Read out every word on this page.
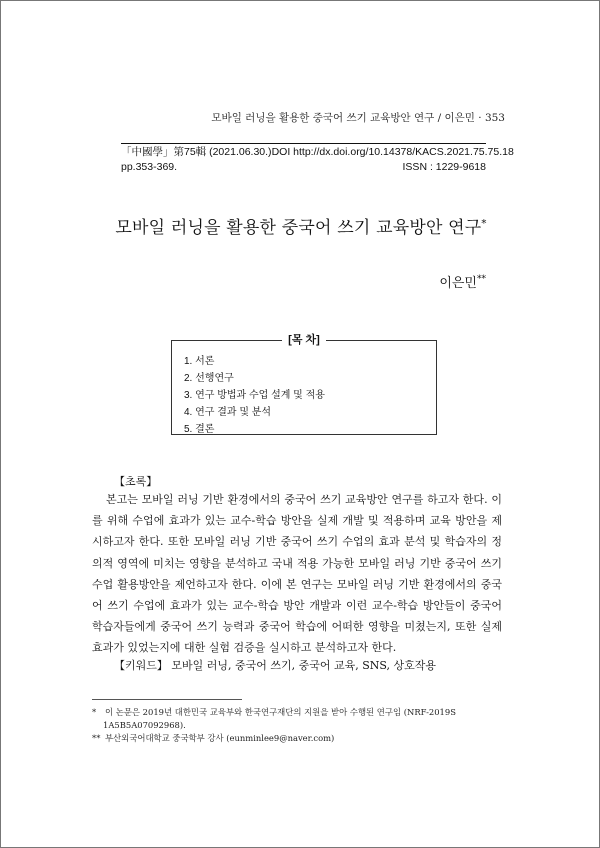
모바일 러닝을 활용한 중국어 쓰기 교육방안 연구 / 이은민 · 353
「中國學」第75輯 (2021.06.30.) DOI http://dx.doi.org/10.14378/KACS.2021.75.75.18
pp.353-369.	ISSN : 1229-9618
모바일 러닝을 활용한 중국어 쓰기 교육방안 연구*
이은민**
[목 차]
1. 서론
2. 선행연구
3. 연구 방법과 수업 설계 및 적용
4. 연구 결과 및 분석
5. 결론
【초록】

본고는 모바일 러닝 기반 환경에서의 중국어 쓰기 교육방안 연구를 하고자 한다. 이를 위해 수업에 효과가 있는 교수-학습 방안을 실제 개발 및 적용하며 교육 방안을 제시하고자 한다. 또한 모바일 러닝 기반 중국어 쓰기 수업의 효과 분석 및 학습자의 정의적 영역에 미치는 영향을 분석하고 국내 적용 가능한 모바일 러닝 기반 중국어 쓰기 수업 활용방안을 제언하고자 한다. 이에 본 연구는 모바일 러닝 기반 환경에서의 중국어 쓰기 수업에 효과가 있는 교수-학습 방안 개발과 이런 교수-학습 방안들이 중국어 학습자들에게 중국어 쓰기 능력과 중국어 학습에 어떠한 영향을 미쳤는지, 또한 실제 효과가 있었는지에 대한 실험 검증을 실시하고 분석하고자 한다.

【키워드】 모바일 러닝, 중국어 쓰기, 중국어 교육, SNS, 상호작용
* 이 논문은 2019년 대한민국 교육부와 한국연구재단의 지원을 받아 수행된 연구임 (NRF-2019S
1A5B5A07092968).
** 부산외국어대학교 중국학부 강사 (eunminlee9@naver.com)
